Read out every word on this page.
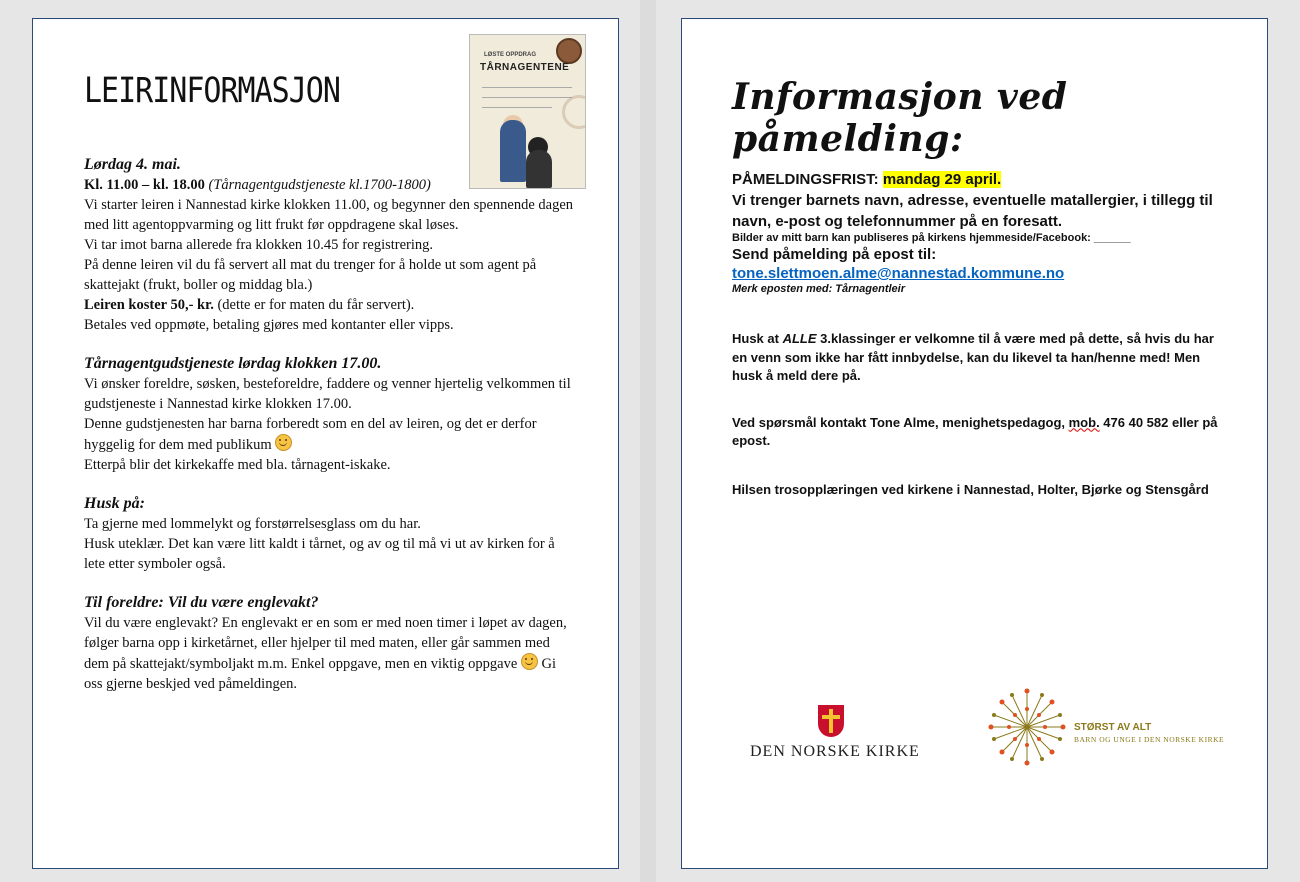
LEIRINFORMASJON
LØSTE OPPDRAG
TÅRNAGENTENE

Lørdag 4. mai.

Kl. 11.00 – kl. 18.00 (Tårnagentgudstjeneste kl.1700-1800)

Vi starter leiren i Nannestad kirke klokken 11.00, og begynner den spennende dagen med litt agentoppvarming og litt frukt før oppdragene skal løses.

Vi tar imot barna allerede fra klokken 10.45 for registrering.

På denne leiren vil du få servert all mat du trenger for å holde ut som agent på skattejakt (frukt, boller og middag bla.)

Leiren koster 50,- kr. (dette er for maten du får servert).

Betales ved oppmøte, betaling gjøres med kontanter eller vipps.

Tårnagentgudstjeneste lørdag klokken 17.00.

Vi ønsker foreldre, søsken, besteforeldre, faddere og venner hjertelig velkommen til gudstjeneste i Nannestad kirke klokken 17.00.

Denne gudstjenesten har barna forberedt som en del av leiren, og det er derfor hyggelig for dem med publikum

Etterpå blir det kirkekaffe med bla. tårnagent-iskake.

Husk på:

Ta gjerne med lommelykt og forstørrelsesglass om du har.

Husk uteklær. Det kan være litt kaldt i tårnet, og av og til må vi ut av kirken for å lete etter symboler også.

Til foreldre: Vil du være englevakt?

Vil du være englevakt? En englevakt er en som er med noen timer i løpet av dagen, følger barna opp i kirketårnet, eller hjelper til med maten, eller går sammen med dem på skattejakt/symboljakt m.m. Enkel oppgave, men en viktig oppgave  Gi oss gjerne beskjed ved påmeldingen.

Informasjon ved påmelding:

PÅMELDINGSFRIST: mandag 29 april.

Vi trenger barnets navn, adresse, eventuelle matallergier, i tillegg til navn, e-post og telefonnummer på en foresatt.

Bilder av mitt barn kan publiseres på kirkens hjemmeside/Facebook: ______

Send påmelding på epost til:

tone.slettmoen.alme@nannestad.kommune.no

Merk eposten med: Tårnagentleir

Husk at ALLE 3.klassinger er velkomne til å være med på dette, så hvis du har en venn som ikke har fått innbydelse, kan du likevel ta han/henne med! Men husk å meld dere på.

Ved spørsmål kontakt Tone Alme, menighetspedagog, mob. 476 40 582 eller på epost.

Hilsen trosopplæringen ved kirkene i Nannestad, Holter, Bjørke og Stensgård

DEN NORSKE KIRKE
STØRST AV ALT
BARN OG UNGE I DEN NORSKE KIRKE
